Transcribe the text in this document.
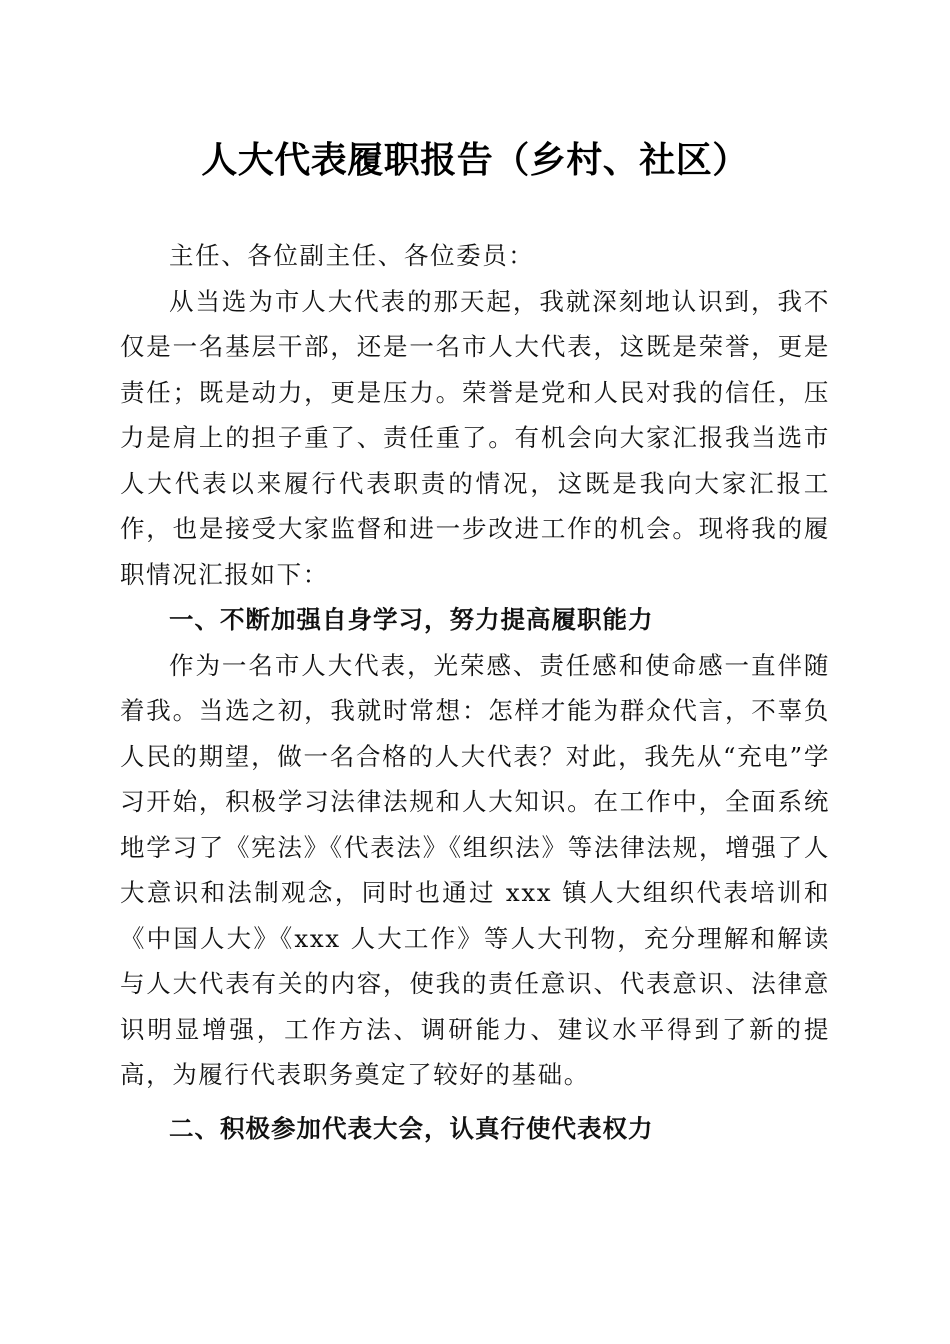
人大代表履职报告（乡村、社区）

主任、各位副主任、各位委员：

从当选为市人大代表的那天起，我就深刻地认识到，我不仅是一名基层干部，还是一名市人大代表，这既是荣誉，更是责任；既是动力，更是压力。荣誉是党和人民对我的信任，压力是肩上的担子重了、责任重了。有机会向大家汇报我当选市人大代表以来履行代表职责的情况，这既是我向大家汇报工作，也是接受大家监督和进一步改进工作的机会。现将我的履职情况汇报如下：

一、不断加强自身学习，努力提高履职能力

作为一名市人大代表，光荣感、责任感和使命感一直伴随着我。当选之初，我就时常想：怎样才能为群众代言，不辜负人民的期望，做一名合格的人大代表？对此，我先从“充电”学习开始，积极学习法律法规和人大知识。在工作中，全面系统地学习了《宪法》《代表法》《组织法》等法律法规，增强了人大意识和法制观念，同时也通过 xxx 镇人大组织代表培训和《中国人大》《xxx 人大工作》等人大刊物，充分理解和解读与人大代表有关的内容，使我的责任意识、代表意识、法律意识明显增强，工作方法、调研能力、建议水平得到了新的提高，为履行代表职务奠定了较好的基础。

二、积极参加代表大会，认真行使代表权力
